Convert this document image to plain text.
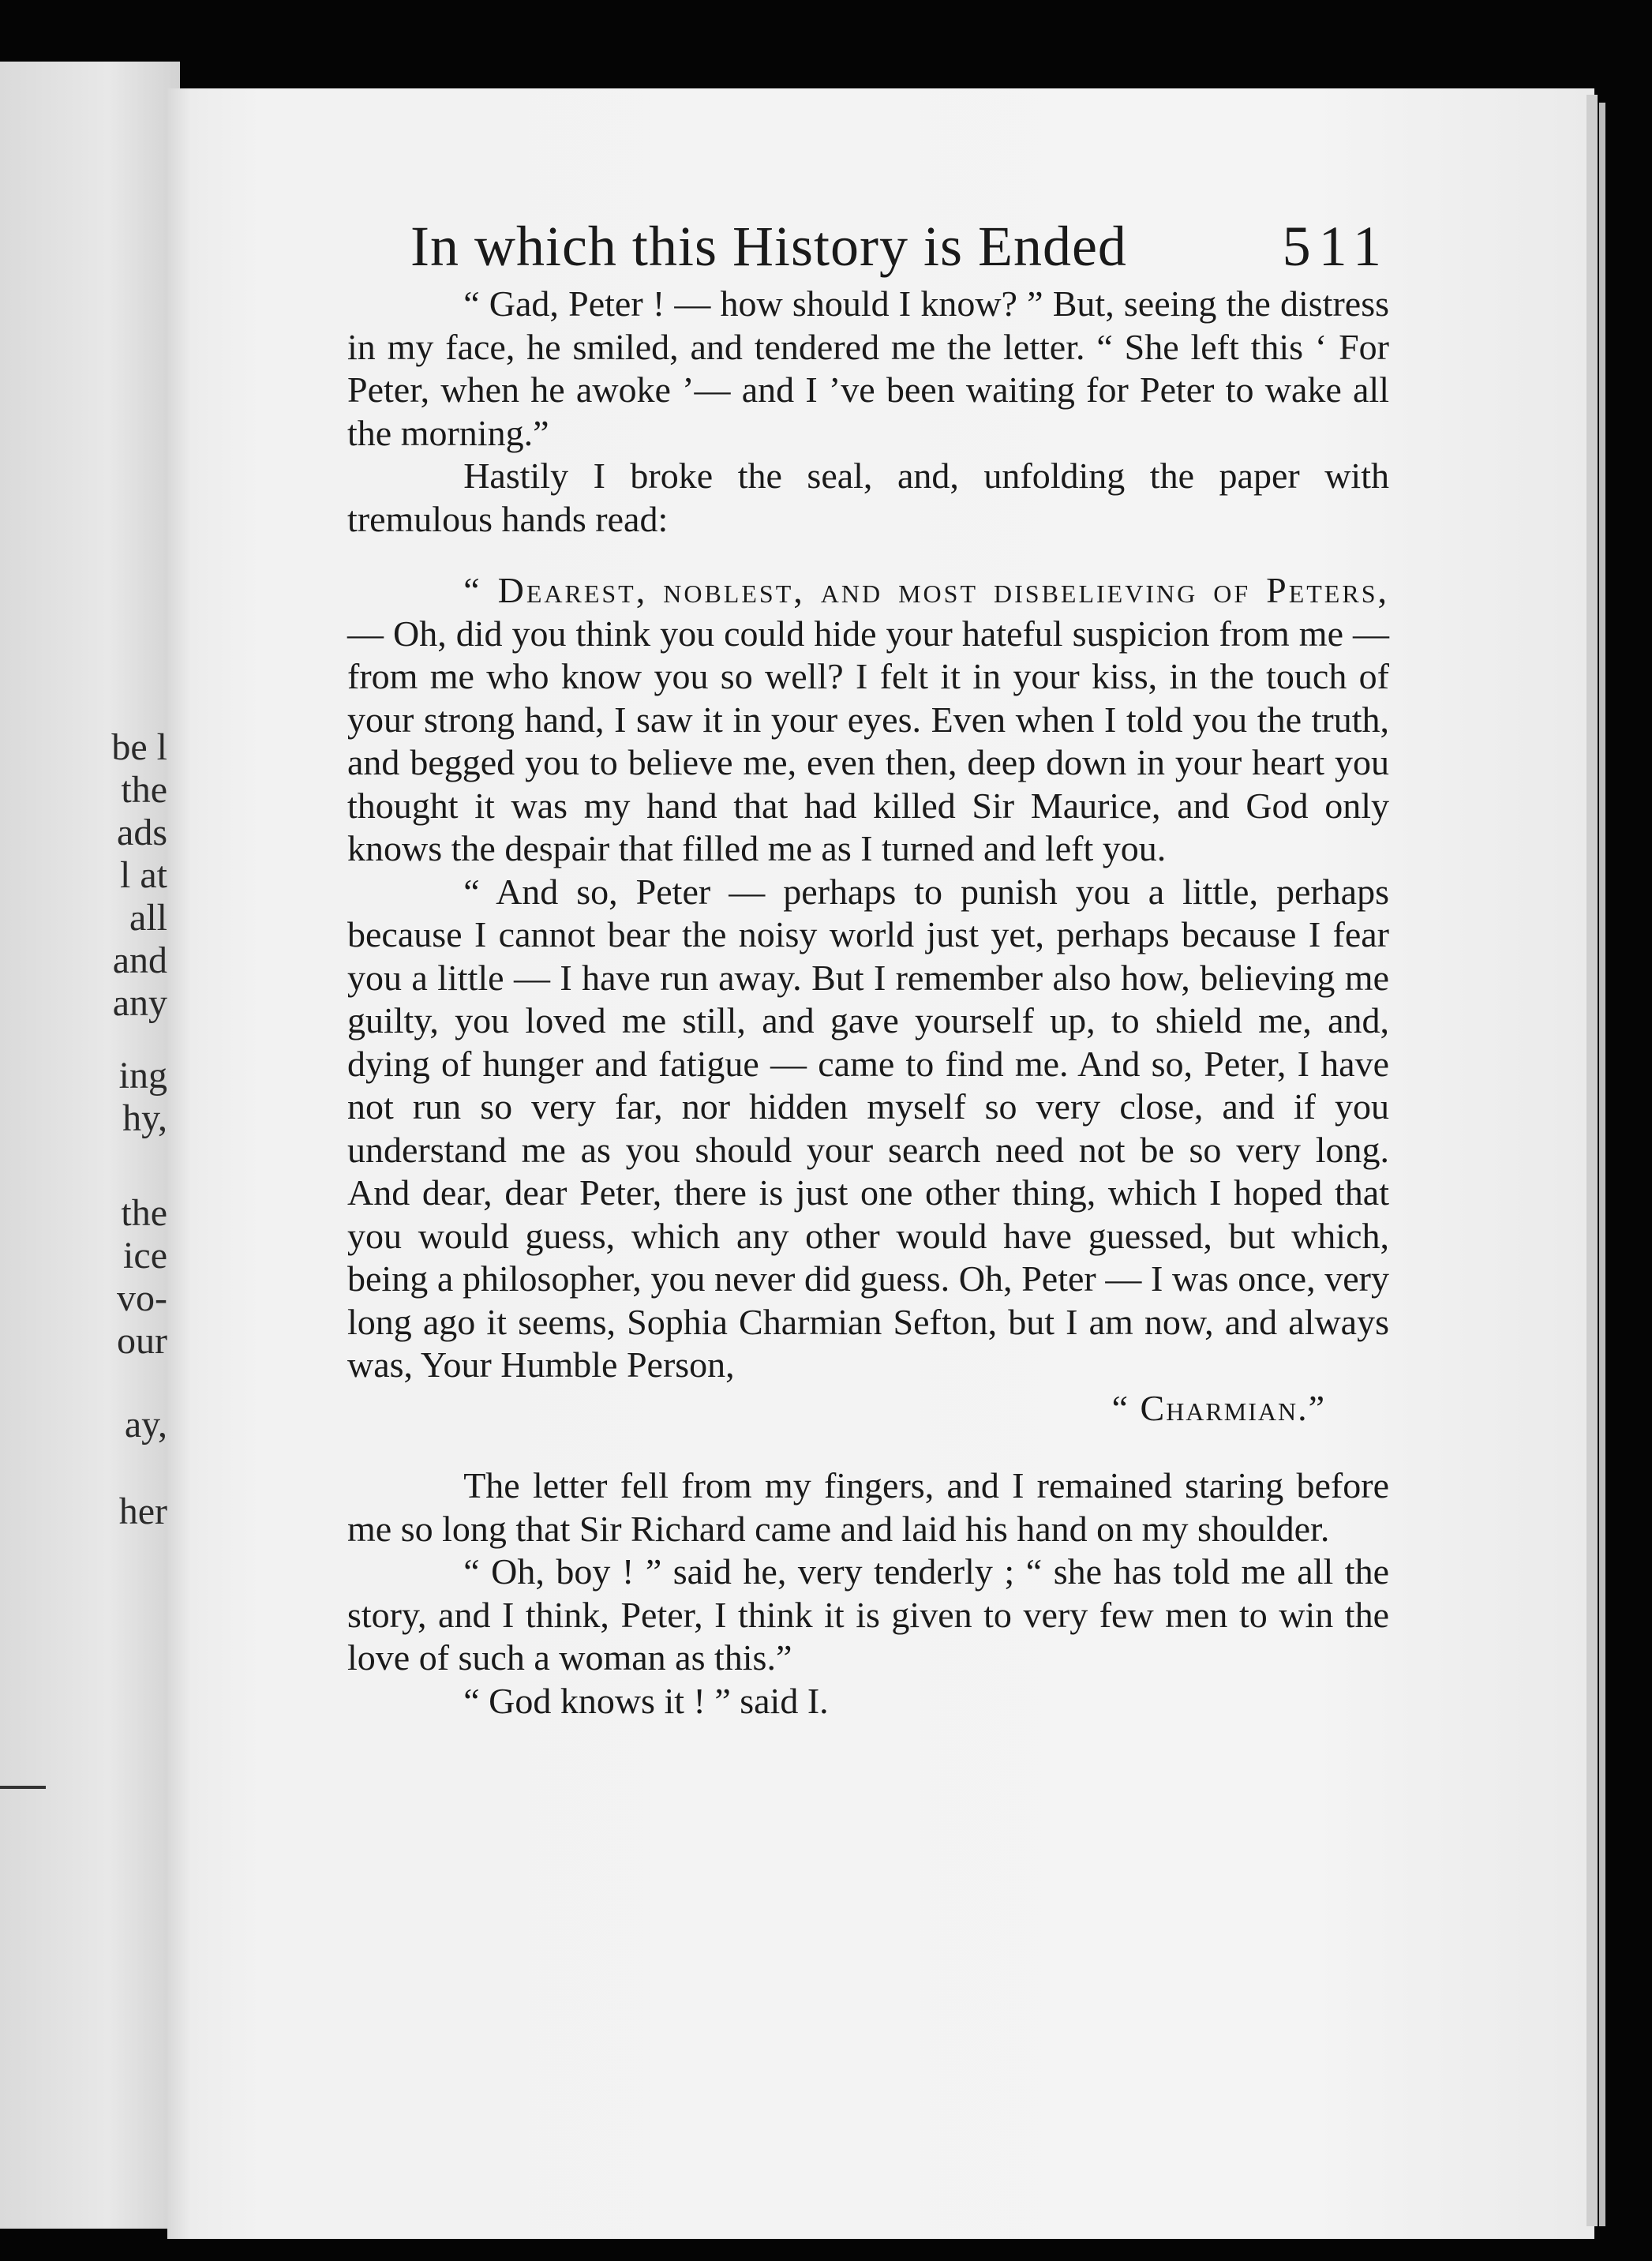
be l
the
ads
l at
all
and
any
ing
hy,
the
ice
vo-
our
ay,
her
In which this History is Ended	511

“ Gad, Peter ! — how should I know? ” But, seeing the distress in my face, he smiled, and tendered me the letter. “ She left this ‘ For Peter, when he awoke ’— and I ’ve been waiting for Peter to wake all the morning.”

Hastily I broke the seal, and, unfolding the paper with tremulous hands read:

“ Dearest, noblest, and most disbelieving of Peters, — Oh, did you think you could hide your hateful suspicion from me — from me who know you so well? I felt it in your kiss, in the touch of your strong hand, I saw it in your eyes. Even when I told you the truth, and begged you to believe me, even then, deep down in your heart you thought it was my hand that had killed Sir Maurice, and God only knows the despair that filled me as I turned and left you.

“ And so, Peter — perhaps to punish you a little, perhaps because I cannot bear the noisy world just yet, perhaps because I fear you a little — I have run away. But I remember also how, believing me guilty, you loved me still, and gave yourself up, to shield me, and, dying of hunger and fatigue — came to find me. And so, Peter, I have not run so very far, nor hidden myself so very close, and if you understand me as you should your search need not be so very long. And dear, dear Peter, there is just one other thing, which I hoped that you would guess, which any other would have guessed, but which, being a philosopher, you never did guess. Oh, Peter — I was once, very long ago it seems, Sophia Charmian Sefton, but I am now, and always was, Your Humble Person,

“ Charmian.”

The letter fell from my fingers, and I remained staring before me so long that Sir Richard came and laid his hand on my shoulder.

“ Oh, boy ! ” said he, very tenderly ; “ she has told me all the story, and I think, Peter, I think it is given to very few men to win the love of such a woman as this.”

“ God knows it ! ” said I.
